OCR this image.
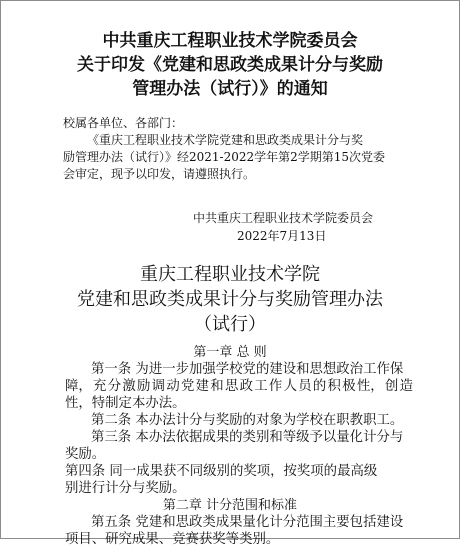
中共重庆工程职业技术学院委员会
关于印发《党建和思政类成果计分与奖励
管理办法（试行）》的通知
校属各单位、各部门：
《重庆工程职业技术学院党建和思政类成果计分与奖
励管理办法（试行）》经2021-2022学年第2学期第15次党委
会审定，现予以印发，请遵照执行。
中共重庆工程职业技术学院委员会
2022年7月13日
重庆工程职业技术学院
党建和思政类成果计分与奖励管理办法
（试行）
第一章 总 则
第一条 为进一步加强学校党的建设和思想政治工作保
障， 充 分 激 励 调 动 党 建 和 思 政 工 作 人 员 的 积 极 性， 创 造
性，特制定本办法。
第二条 本办法计分与奖励的对象为学校在职教职工。
第三条 本办法依据成果的类别和等级予以量化计分与
奖励。
第四条 同一成果获不同级别的奖项，按奖项的最高级
别进行计分与奖励。
第二章 计分范围和标准
第五条 党建和思政类成果量化计分范围主要包括建设
项目、研究成果、竞赛获奖等类别。
